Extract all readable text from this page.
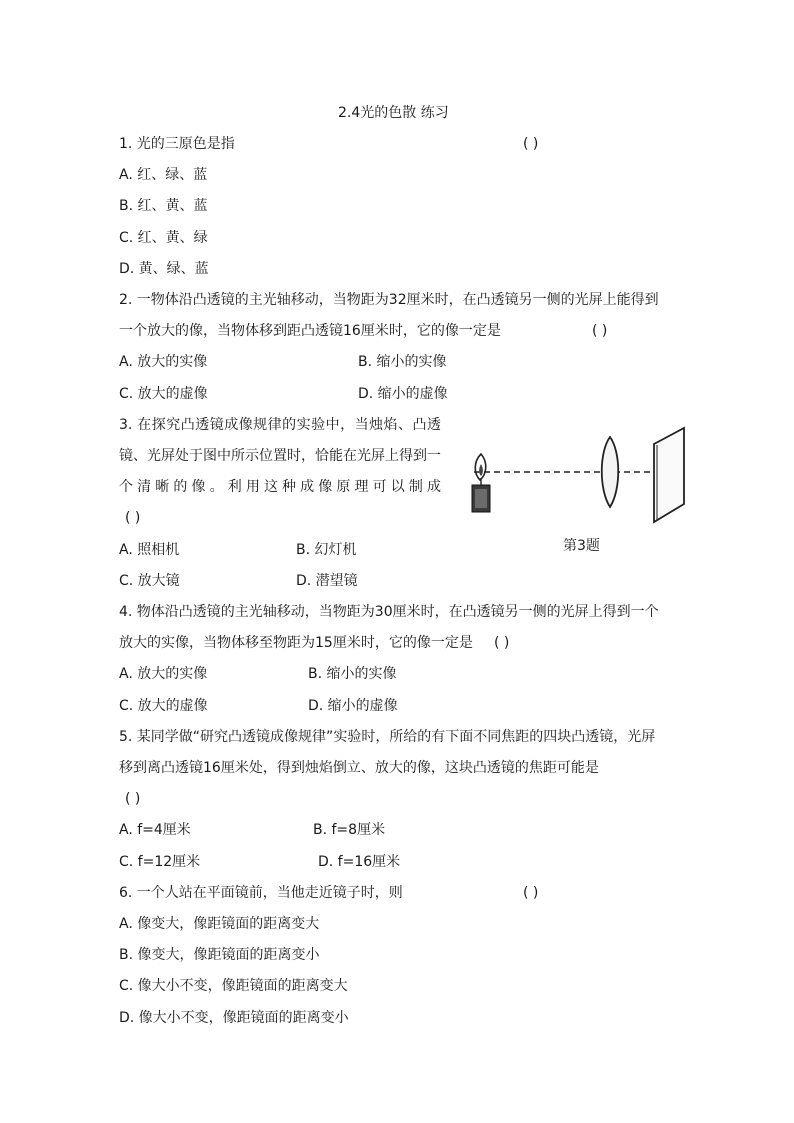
2.4光的色散 练习
1. 光的三原色是指	( )
A. 红、绿、蓝
B. 红、黄、蓝
C. 红、黄、绿
D. 黄、绿、蓝
2. 一物体沿凸透镜的主光轴移动，当物距为32厘米时，在凸透镜另一侧的光屏上能得到
一个放大的像，当物体移到距凸透镜16厘米时，它的像一定是	( )
A. 放大的实像	B. 缩小的实像
C. 放大的虚像	D. 缩小的虚像
3. 在探究凸透镜成像规律的实验中，当烛焰、凸透
镜、光屏处于图中所示位置时，恰能在光屏上得到一
个清晰的像。利用这种成像原理可以制成
( )
A. 照相机	B. 幻灯机
C. 放大镜	D. 潜望镜
第3题
4. 物体沿凸透镜的主光轴移动，当物距为30厘米时，在凸透镜另一侧的光屏上得到一个
放大的实像，当物体移至物距为15厘米时，它的像一定是 ( )
A. 放大的实像	B. 缩小的实像
C. 放大的虚像	D. 缩小的虚像
5. 某同学做“研究凸透镜成像规律”实验时，所给的有下面不同焦距的四块凸透镜，光屏
移到离凸透镜16厘米处，得到烛焰倒立、放大的像，这块凸透镜的焦距可能是
( )
A. f=4厘米	B. f=8厘米
C. f=12厘米	D. f=16厘米
6. 一个人站在平面镜前，当他走近镜子时，则	( )
A. 像变大，像距镜面的距离变大
B. 像变大，像距镜面的距离变小
C. 像大小不变，像距镜面的距离变大
D. 像大小不变，像距镜面的距离变小
